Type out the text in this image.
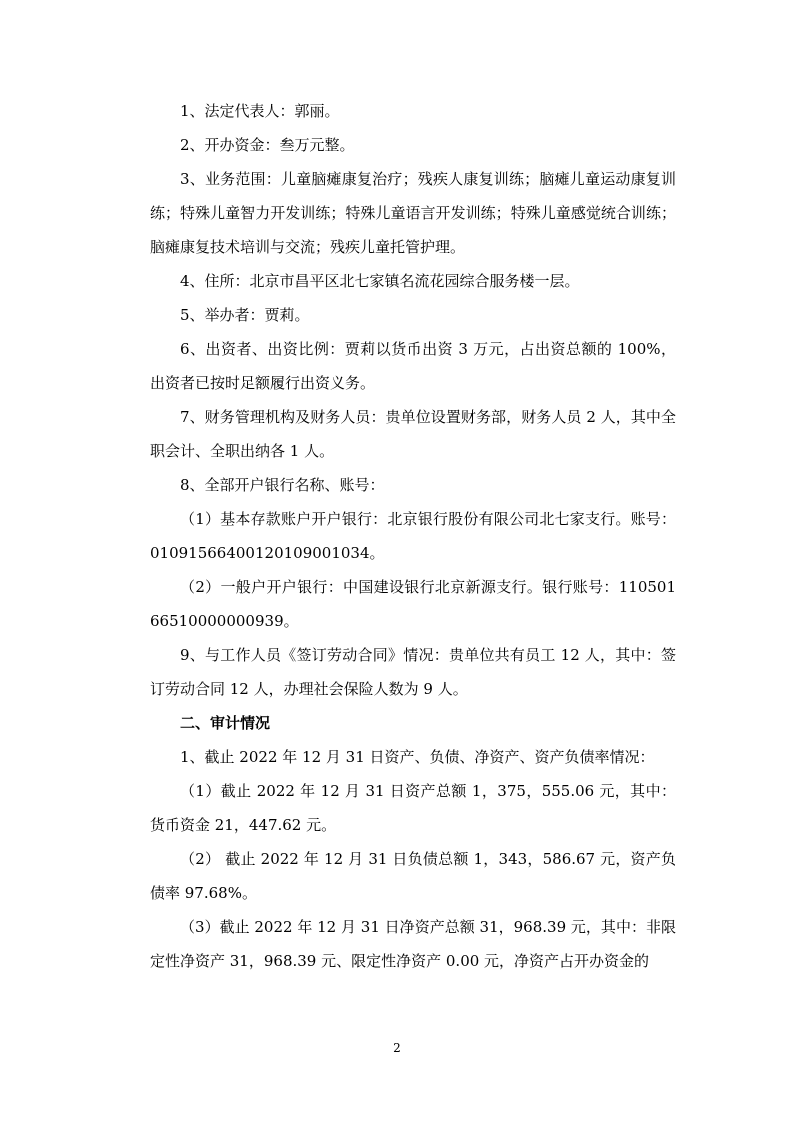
1、法定代表人：郭丽。

2、开办资金：叁万元整。

3、业务范围：儿童脑瘫康复治疗；残疾人康复训练；脑瘫儿童运动康复训练；特殊儿童智力开发训练；特殊儿童语言开发训练；特殊儿童感觉统合训练；脑瘫康复技术培训与交流；残疾儿童托管护理。

4、住所：北京市昌平区北七家镇名流花园综合服务楼一层。

5、举办者：贾莉。

6、出资者、出资比例：贾莉以货币出资 3 万元，占出资总额的 100%，出资者已按时足额履行出资义务。

7、财务管理机构及财务人员：贵单位设置财务部，财务人员 2 人，其中全职会计、全职出纳各 1 人。

8、全部开户银行名称、账号：

（1）基本存款账户开户银行：北京银行股份有限公司北七家支行。账号：01091566400120109001034。

（2）一般户开户银行：中国建设银行北京新源支行。银行账号：11050166510000000939。

9、与工作人员《签订劳动合同》情况：贵单位共有员工 12 人，其中：签订劳动合同 12 人，办理社会保险人数为 9 人。

二、审计情况

1、截止 2022 年 12 月 31 日资产、负债、净资产、资产负债率情况：

（1）截止 2022 年 12 月 31 日资产总额 1，375，555.06 元，其中：货币资金 21，447.62 元。

（2） 截止 2022 年 12 月 31 日负债总额 1，343，586.67 元，资产负债率 97.68%。

（3）截止 2022 年 12 月 31 日净资产总额 31，968.39 元，其中：非限定性净资产 31，968.39 元、限定性净资产 0.00 元，净资产占开办资金的

2
